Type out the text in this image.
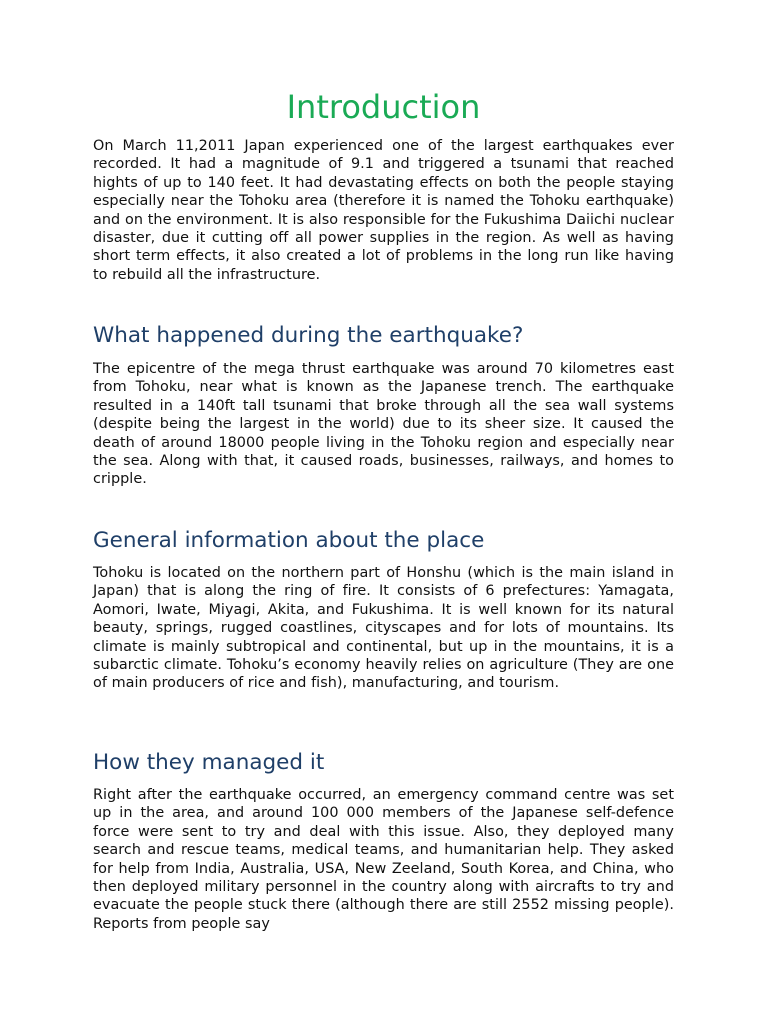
Introduction

On March 11,2011 Japan experienced one of the largest earthquakes ever recorded. It had a magnitude of 9.1 and triggered a tsunami that reached hights of up to 140 feet. It had devastating effects on both the people staying especially near the Tohoku area (therefore it is named the Tohoku earthquake) and on the environment. It is also responsible for the Fukushima Daiichi nuclear disaster, due it cutting off all power supplies in the region. As well as having short term effects, it also created a lot of problems in the long run like having to rebuild all the infrastructure.

What happened during the earthquake?

The epicentre of the mega thrust earthquake was around 70 kilometres east from Tohoku, near what is known as the Japanese trench. The earthquake resulted in a 140ft tall tsunami that broke through all the sea wall systems (despite being the largest in the world) due to its sheer size. It caused the death of around 18000 people living in the Tohoku region and especially near the sea. Along with that, it caused roads, businesses, railways, and homes to cripple.

General information about the place

Tohoku is located on the northern part of Honshu (which is the main island in Japan) that is along the ring of fire. It consists of 6 prefectures: Yamagata, Aomori, Iwate, Miyagi, Akita, and Fukushima. It is well known for its natural beauty, springs, rugged coastlines, cityscapes and for lots of mountains. Its climate is mainly subtropical and continental, but up in the mountains, it is a subarctic climate. Tohoku’s economy heavily relies on agriculture (They are one of main producers of rice and fish), manufacturing, and tourism.

How they managed it

Right after the earthquake occurred, an emergency command centre was set up in the area, and around 100 000 members of the Japanese self-defence force were sent to try and deal with this issue. Also, they deployed many search and rescue teams, medical teams, and humanitarian help. They asked for help from India, Australia, USA, New Zeeland, South Korea, and China, who then deployed military personnel in the country along with aircrafts to try and evacuate the people stuck there (although there are still 2552 missing people). Reports from people say
